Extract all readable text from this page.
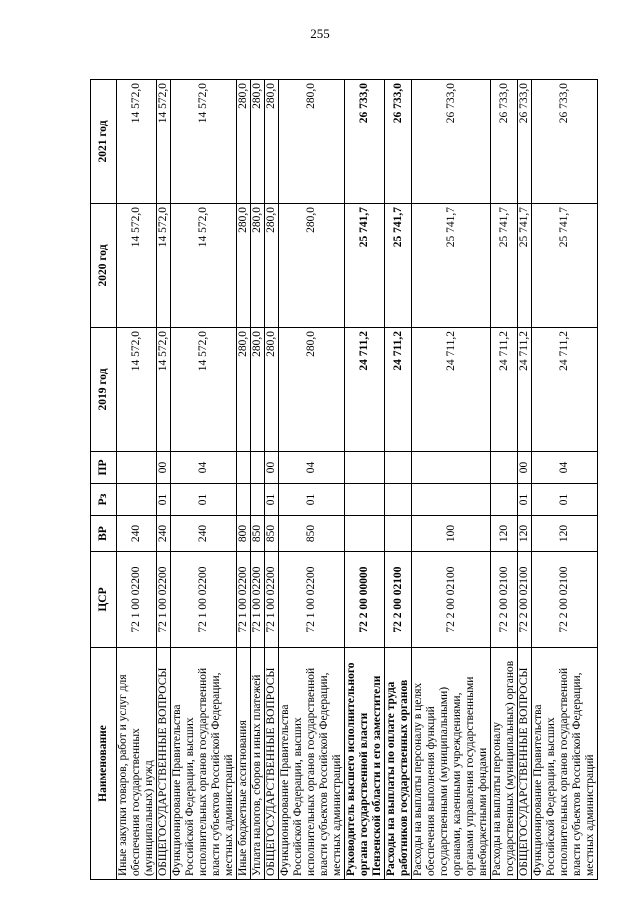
255
Наименование	ЦСР	ВР	Рз	ПР	2019 год	2020 год	2021 год
Иные закупки товаров, работ и услуг для обеспечения государственных (муниципальных) нужд	72 1 00 02200	240			14 572,0	14 572,0	14 572,0
ОБЩЕГОСУДАРСТВЕННЫЕ ВОПРОСЫ	72 1 00 02200	240	01	00	14 572,0	14 572,0	14 572,0
Функционирование Правительства Российской Федерации, высших исполнительных органов государственной власти субъектов Российской Федерации, местных администраций	72 1 00 02200	240	01	04	14 572,0	14 572,0	14 572,0
Иные бюджетные ассигнования	72 1 00 02200	800			280,0	280,0	280,0
Уплата налогов, сборов и иных платежей	72 1 00 02200	850			280,0	280,0	280,0
ОБЩЕГОСУДАРСТВЕННЫЕ ВОПРОСЫ	72 1 00 02200	850	01	00	280,0	280,0	280,0
Функционирование Правительства Российской Федерации, высших исполнительных органов государственной власти субъектов Российской Федерации, местных администраций	72 1 00 02200	850	01	04	280,0	280,0	280,0
Руководитель высшего исполнительного органа государственной власти Пензенской области и его заместители	72 2 00 00000				24 711,2	25 741,7	26 733,0
Расходы на выплаты по оплате труда работников государственных органов	72 2 00 02100				24 711,2	25 741,7	26 733,0
Расходы на выплаты персоналу в целях обеспечения выполнения функций государственными (муниципальными) органами, казенными учреждениями, органами управления государственными внебюджетными фондами	72 2 00 02100	100			24 711,2	25 741,7	26 733,0
Расходы на выплаты персоналу государственных (муниципальных) органов	72 2 00 02100	120			24 711,2	25 741,7	26 733,0
ОБЩЕГОСУДАРСТВЕННЫЕ ВОПРОСЫ	72 2 00 02100	120	01	00	24 711,2	25 741,7	26 733,0
Функционирование Правительства Российской Федерации, высших исполнительных органов государственной власти субъектов Российской Федерации, местных администраций	72 2 00 02100	120	01	04	24 711,2	25 741,7	26 733,0
